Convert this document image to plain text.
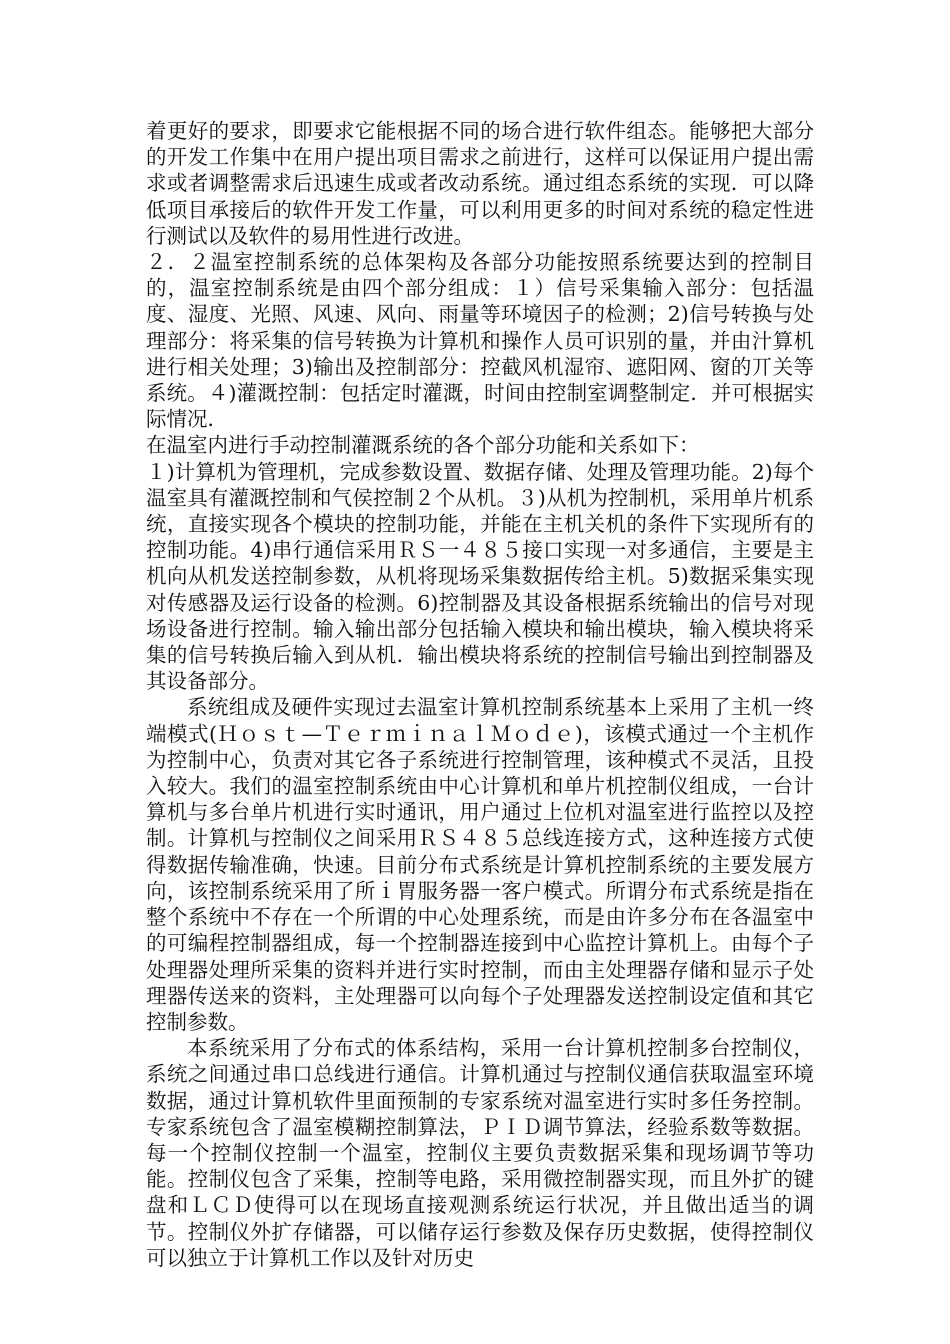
着更好的要求，即要求它能根据不同的场合进行软件组态。能够把大部分的开发工作集中在用户提出项目需求之前进行，这样可以保证用户提出需求或者调整需求后迅速生成或者改动系统。通过组态系统的实现．可以降低项目承接后的软件开发工作量，可以利用更多的时间对系统的稳定性进行测试以及软件的易用性进行改进。

２．２温室控制系统的总体架构及各部分功能按照系统要达到的控制目的，温室控制系统是由四个部分组成：１）信号采集输入部分：包括温度、湿度、光照、风速、风向、雨量等环境因子的检测；2)信号转换与处理部分：将采集的信号转换为计算机和操作人员可识别的量，并由汁算机进行相关处理；3)输出及控制部分：控截风机湿帘、遮阳网、窗的丌关等系统。４)灌溉控制：包括定时灌溉，时间由控制室调整制定．并可根据实际情况．

在温室内进行手动控制灌溉系统的各个部分功能和关系如下：

１)计算机为管理机，完成参数设置、数据存储、处理及管理功能。2)每个温室具有灌溉控制和气侯控制２个从机。３)从机为控制机，采用单片机系统，直接实现各个模块的控制功能，并能在主机关机的条件下实现所有的控制功能。4)串行通信采用ＲＳ一４８５接口实现一对多通信，主要是主机向从机发送控制参数，从机将现场采集数据传给主机。5)数据采集实现对传感器及运行设备的检测。6)控制器及其设备根据系统输出的信号对现场设备进行控制。输入输出部分包括输入模块和输出模块，输入模块将采集的信号转换后输入到从机．输出模块将系统的控制信号输出到控制器及其设备部分。

系统组成及硬件实现过去温室计算机控制系统基本上采用了主机一终端模式(Ｈｏｓｔ—ＴｅｒｍｉｎａｌＭｏｄｅ)，该模式通过一个主机作为控制中心，负责对其它各子系统进行控制管理，该种模式不灵活，且投入较大。我们的温室控制系统由中心计算机和单片机控制仪组成，一台计算机与多台单片机进行实时通讯，用户通过上位机对温室进行监控以及控制。计算机与控制仪之间采用ＲＳ４８５总线连接方式，这种连接方式使得数据传输准确，快速。目前分布式系统是计算机控制系统的主要发展方向，该控制系统采用了所ｉ胃服务器一客户模式。所谓分布式系统是指在整个系统中不存在一个所谓的中心处理系统，而是由许多分布在各温室中的可编程控制器组成，每一个控制器连接到中心监控计算机上。由每个子处理器处理所采集的资料并进行实时控制，而由主处理器存储和显示子处理器传送来的资料，主处理器可以向每个子处理器发送控制设定值和其它控制参数。

本系统采用了分布式的体系结构，采用一台计算机控制多台控制仪，系统之间通过串口总线进行通信。计算机通过与控制仪通信获取温室环境数据，通过计算机软件里面预制的专家系统对温室进行实时多任务控制。专家系统包含了温室模糊控制算法，ＰＩＤ调节算法，经验系数等数据。每一个控制仪控制一个温室，控制仪主要负责数据采集和现场调节等功能。控制仪包含了采集，控制等电路，采用微控制器实现，而且外扩的键盘和ＬＣＤ使得可以在现场直接观测系统运行状况，并且做出适当的调节。控制仪外扩存储器，可以储存运行参数及保存历史数据，使得控制仪可以独立于计算机工作以及针对历史
